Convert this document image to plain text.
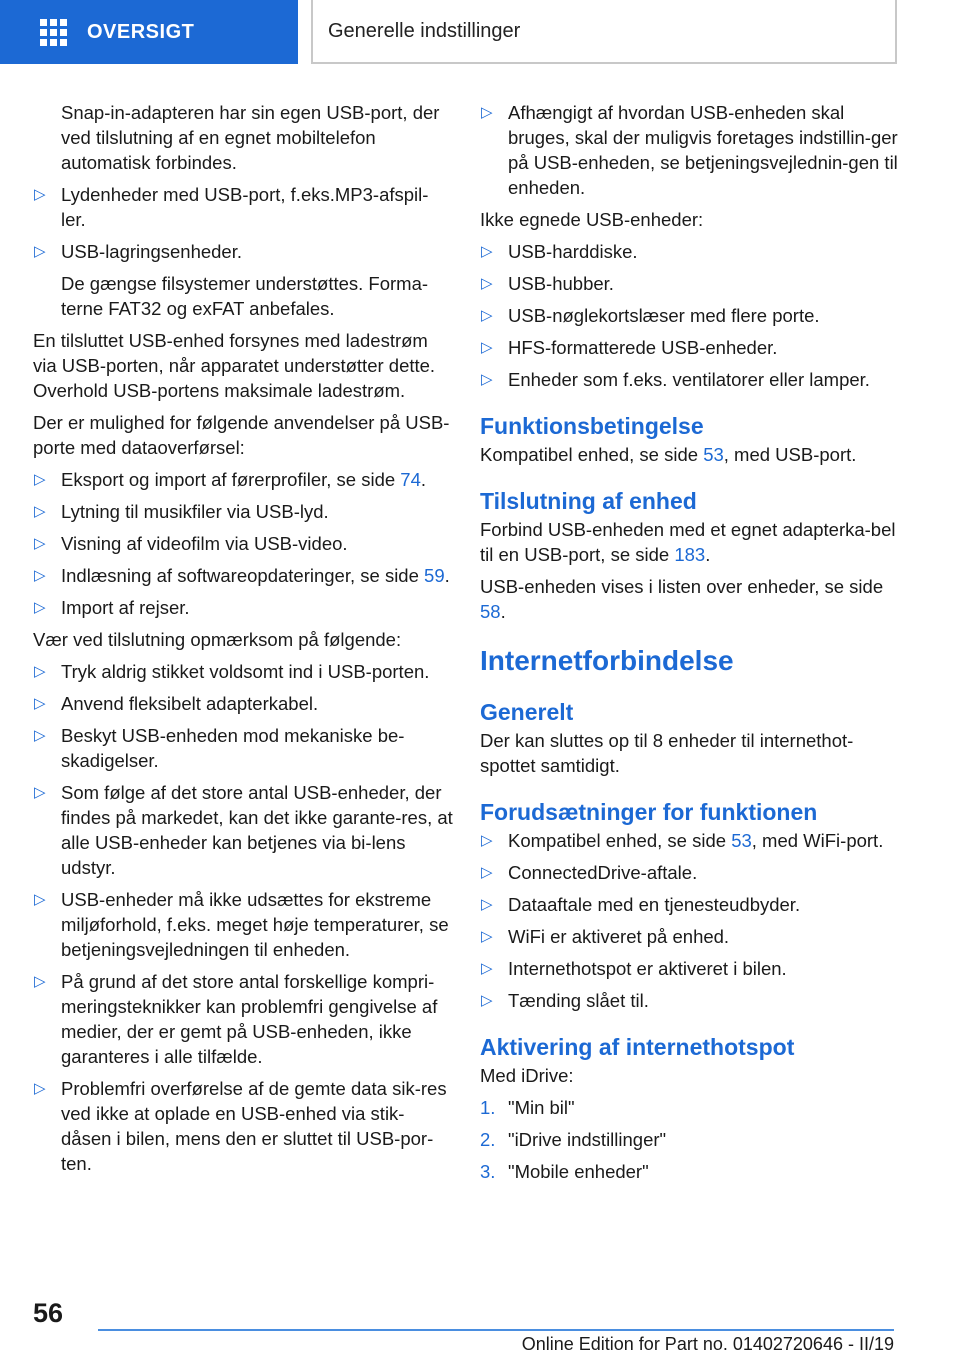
OVERSIGT	Generelle indstillinger
Snap-in-adapteren har sin egen USB-port, der ved tilslutning af en egnet mobiltelefon automatisk forbindes.
▷ Lydenheder med USB-port, f.eks.MP3-afspil-ler.
▷ USB-lagringsenheder.
De gængse filsystemer understøttes. Forma-terne FAT32 og exFAT anbefales.
En tilsluttet USB-enhed forsynes med ladestrøm via USB-porten, når apparatet understøtter dette. Overhold USB-portens maksimale ladestrøm.
Der er mulighed for følgende anvendelser på USB-porte med dataoverførsel:
▷ Eksport og import af førerprofiler, se side 74.
▷ Lytning til musikfiler via USB-lyd.
▷ Visning af videofilm via USB-video.
▷ Indlæsning af softwareopdateringer, se side 59.
▷ Import af rejser.
Vær ved tilslutning opmærksom på følgende:
▷ Tryk aldrig stikket voldsomt ind i USB-porten.
▷ Anvend fleksibelt adapterkabel.
▷ Beskyt USB-enheden mod mekaniske be-skadigelser.
▷ Som følge af det store antal USB-enheder, der findes på markedet, kan det ikke garante-res, at alle USB-enheder kan betjenes via bi-lens udstyr.
▷ USB-enheder må ikke udsættes for ekstreme miljøforhold, f.eks. meget høje temperaturer, se betjeningsvejledningen til enheden.
▷ På grund af det store antal forskellige kompri-meringsteknikker kan problemfri gengivelse af medier, der er gemt på USB-enheden, ikke garanteres i alle tilfælde.
▷ Problemfri overførelse af de gemte data sik-res ved ikke at oplade en USB-enhed via stik-dåsen i bilen, mens den er sluttet til USB-por-ten.
▷ Afhængigt af hvordan USB-enheden skal bruges, skal der muligvis foretages indstillin-ger på USB-enheden, se betjeningsvejlednin-gen til enheden.
Ikke egnede USB-enheder:
▷ USB-harddiske.
▷ USB-hubber.
▷ USB-nøglekortslæser med flere porte.
▷ HFS-formatterede USB-enheder.
▷ Enheder som f.eks. ventilatorer eller lamper.
Funktionsbetingelse
Kompatibel enhed, se side 53, med USB-port.
Tilslutning af enhed
Forbind USB-enheden med et egnet adapterka-bel til en USB-port, se side 183.
USB-enheden vises i listen over enheder, se side 58.
Internetforbindelse
Generelt
Der kan sluttes op til 8 enheder til internethot-spottet samtidigt.
Forudsætninger for funktionen
▷ Kompatibel enhed, se side 53, med WiFi-port.
▷ ConnectedDrive-aftale.
▷ Dataaftale med en tjenesteudbyder.
▷ WiFi er aktiveret på enhed.
▷ Internethotspot er aktiveret i bilen.
▷ Tænding slået til.
Aktivering af internethotspot
Med iDrive:
1. "Min bil"
2. "iDrive indstillinger"
3. "Mobile enheder"
56
Online Edition for Part no. 01402720646 - II/19
